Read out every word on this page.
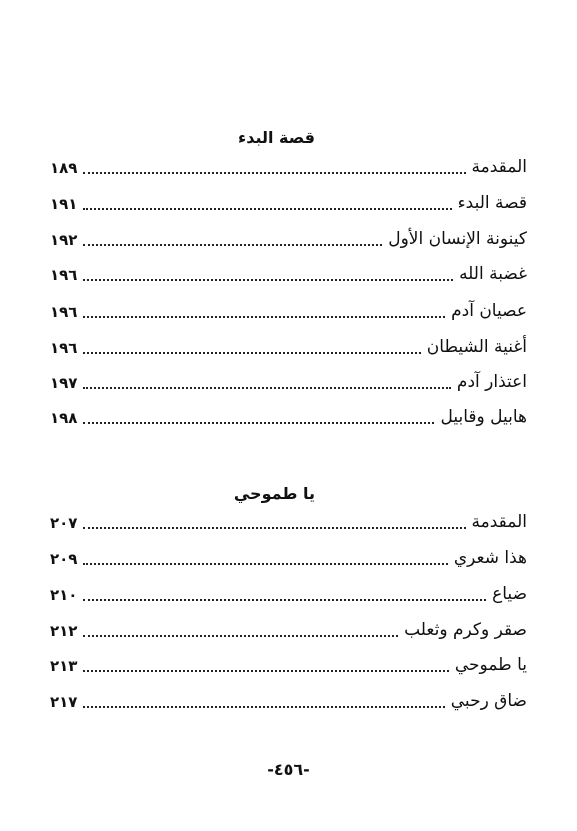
قصة البدء
المقدمة
١٨٩
قصة البدء
١٩١
كينونة الإنسان الأول
١٩٢
غضبة الله
١٩٦
عصيان آدم
١٩٦
أغنية الشيطان
١٩٦
اعتذار آدم
١٩٧
هابيل وقابيل
١٩٨
يا طموحي
المقدمة
٢٠٧
هذا شعري
٢٠٩
ضياع
٢١٠
صقر وكرم وثعلب
٢١٢
يا طموحي
٢١٣
ضاق رحبي
٢١٧
-٤٥٦-
